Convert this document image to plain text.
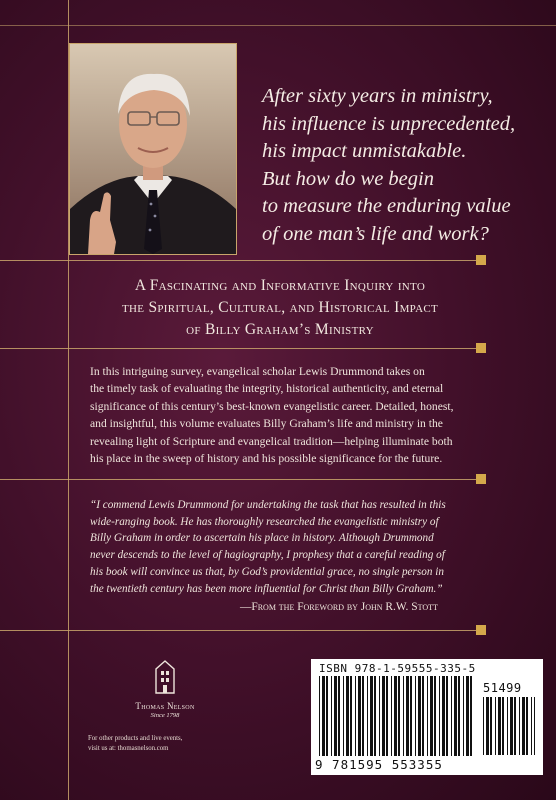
After sixty years in ministry,
his influence is unprecedented,
his impact unmistakable.
But how do we begin
to measure the enduring value
of one man’s life and work?
A Fascinating and Informative Inquiry into
the Spiritual, Cultural, and Historical Impact
of Billy Graham’s Ministry
In this intriguing survey, evangelical scholar Lewis Drummond takes on
the timely task of evaluating the integrity, historical authenticity, and eternal
significance of this century’s best-known evangelistic career. Detailed, honest,
and insightful, this volume evaluates Billy Graham’s life and ministry in the
revealing light of Scripture and evangelical tradition—helping illuminate both
his place in the sweep of history and his possible significance for the future.
“I commend Lewis Drummond for undertaking the task that has resulted in this
wide-ranging book. He has thoroughly researched the evangelistic ministry of
Billy Graham in order to ascertain his place in history. Although Drummond
never descends to the level of hagiography, I prophesy that a careful reading of
his book will convince us that, by God’s providential grace, no single person in
the twentieth century has been more influential for Christ than Billy Graham.”
—From the Foreword by John R.W. Stott
Thomas Nelson
Since 1798
For other products and live events,
visit us at: thomasnelson.com
ISBN 978-1-59555-335-5
51499
9 781595 553355
